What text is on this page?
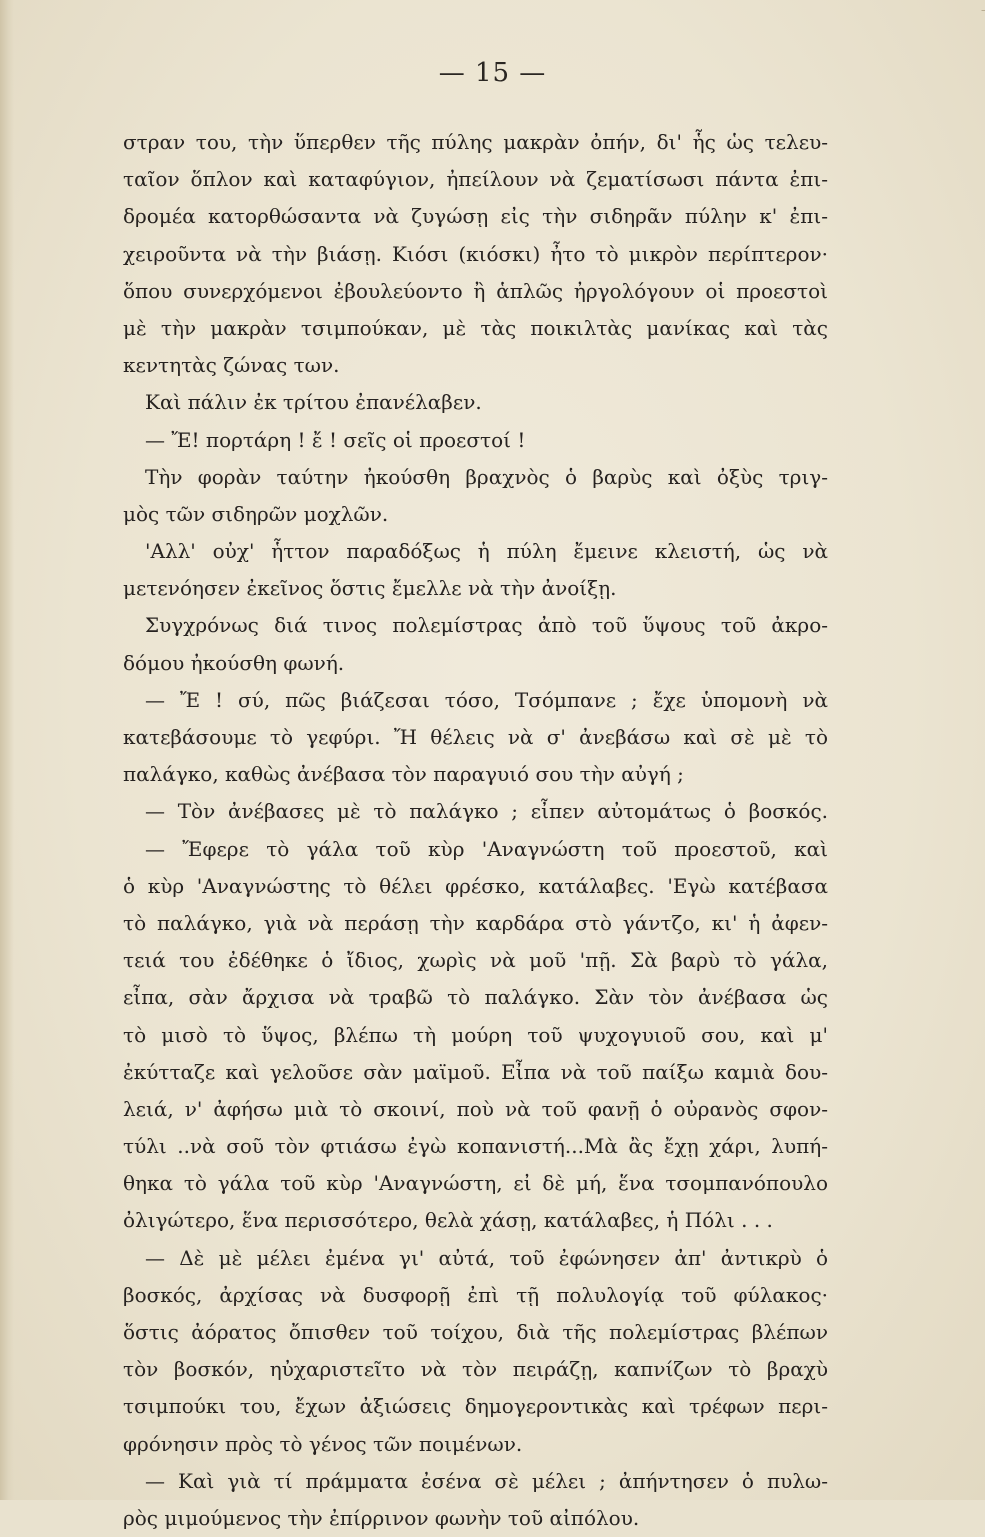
— 15 —
στραν του, τὴν ὕπερθεν τῆς πύλης μακρὰν ὀπήν, δι' ἧς ὡς τελευ-
ταῖον ὅπλον καὶ καταφύγιον, ἠπείλουν νὰ ζεματίσωσι πάντα ἐπι-
δρομέα κατορθώσαντα νὰ ζυγώσῃ εἰς τὴν σιδηρᾶν πύλην κ' ἐπι-
χειροῦντα νὰ τὴν βιάσῃ. Κιόσι (κιόσκι) ἦτο τὸ μικρὸν περίπτερον·
ὅπου συνερχόμενοι ἐβουλεύοντο ἢ ἁπλῶς ἠργολόγουν οἱ προεστοὶ
μὲ τὴν μακρὰν τσιμπούκαν, μὲ τὰς ποικιλτὰς μανίκας καὶ τὰς
κεντητὰς ζώνας των.
Καὶ πάλιν ἐκ τρίτου ἐπανέλαβεν.
— Ἔ! πορτάρη ! ἔ ! σεῖς οἱ προεστοί !
Τὴν φορὰν ταύτην ἠκούσθη βραχνὸς ὁ βαρὺς καὶ ὀξὺς τριγ-
μὸς τῶν σιδηρῶν μοχλῶν.
'Αλλ' οὐχ' ἧττον παραδόξως ἡ πύλη ἔμεινε κλειστή, ὡς νὰ
μετενόησεν ἐκεῖνος ὅστις ἔμελλε νὰ τὴν ἀνοίξῃ.
Συγχρόνως διά τινος πολεμίστρας ἀπὸ τοῦ ὕψους τοῦ ἀκρο-
δόμου ἠκούσθη φωνή.
— Ἔ ! σύ, πῶς βιάζεσαι τόσο, Τσόμπανε ; ἔχε ὑπομονὴ νὰ
κατεβάσουμε τὸ γεφύρι. Ἤ θέλεις νὰ σ' ἀνεβάσω καὶ σὲ μὲ τὸ
παλάγκο, καθὼς ἀνέβασα τὸν παραγυιό σου τὴν αὐγή ;
— Τὸν ἀνέβασες μὲ τὸ παλάγκο ; εἶπεν αὐτομάτως ὁ βοσκός.
— Ἔφερε τὸ γάλα τοῦ κὺρ 'Αναγνώστη τοῦ προεστοῦ, καὶ
ὁ κὺρ 'Αναγνώστης τὸ θέλει φρέσκο, κατάλαβες. 'Εγὼ κατέβασα
τὸ παλάγκο, γιὰ νὰ περάσῃ τὴν καρδάρα στὸ γάντζο, κι' ἡ ἀφεν-
τειά του ἐδέθηκε ὁ ἴδιος, χωρὶς νὰ μοῦ 'πῇ. Σὰ βαρὺ τὸ γάλα,
εἶπα, σὰν ἄρχισα νὰ τραβῶ τὸ παλάγκο. Σὰν τὸν ἀνέβασα ὡς
τὸ μισὸ τὸ ὕψος, βλέπω τὴ μούρη τοῦ ψυχογυιοῦ σου, καὶ μ'
ἐκύτταζε καὶ γελοῦσε σὰν μαϊμοῦ. Εἶπα νὰ τοῦ παίξω καμιὰ δου-
λειά, ν' ἀφήσω μιὰ τὸ σκοινί, ποὺ νὰ τοῦ φανῇ ὁ οὐρανὸς σφον-
τύλι ..νὰ σοῦ τὸν φτιάσω ἐγὼ κοπανιστή...Μὰ ἂς ἔχῃ χάρι, λυπή-
θηκα τὸ γάλα τοῦ κὺρ 'Αναγνώστη, εἰ δὲ μή, ἕνα τσομπανόπουλο
ὀλιγώτερο, ἕνα περισσότερο, θελὰ χάσῃ, κατάλαβες, ἡ Πόλι . . .
— Δὲ μὲ μέλει ἐμένα γι' αὐτά, τοῦ ἐφώνησεν ἀπ' ἀντικρὺ ὁ
βοσκός, ἀρχίσας νὰ δυσφορῇ ἐπὶ τῇ πολυλογίᾳ τοῦ φύλακος·
ὅστις ἀόρατος ὄπισθεν τοῦ τοίχου, διὰ τῆς πολεμίστρας βλέπων
τὸν βοσκόν, ηὐχαριστεῖτο νὰ τὸν πειράζῃ, καπνίζων τὸ βραχὺ
τσιμπούκι του, ἔχων ἀξιώσεις δημογεροντικὰς καὶ τρέφων περι-
φρόνησιν πρὸς τὸ γένος τῶν ποιμένων.
— Καὶ γιὰ τί πράμματα ἐσένα σὲ μέλει ; ἀπήντησεν ὁ πυλω-
ρὸς μιμούμενος τὴν ἐπίρρινον φωνὴν τοῦ αἰπόλου.
